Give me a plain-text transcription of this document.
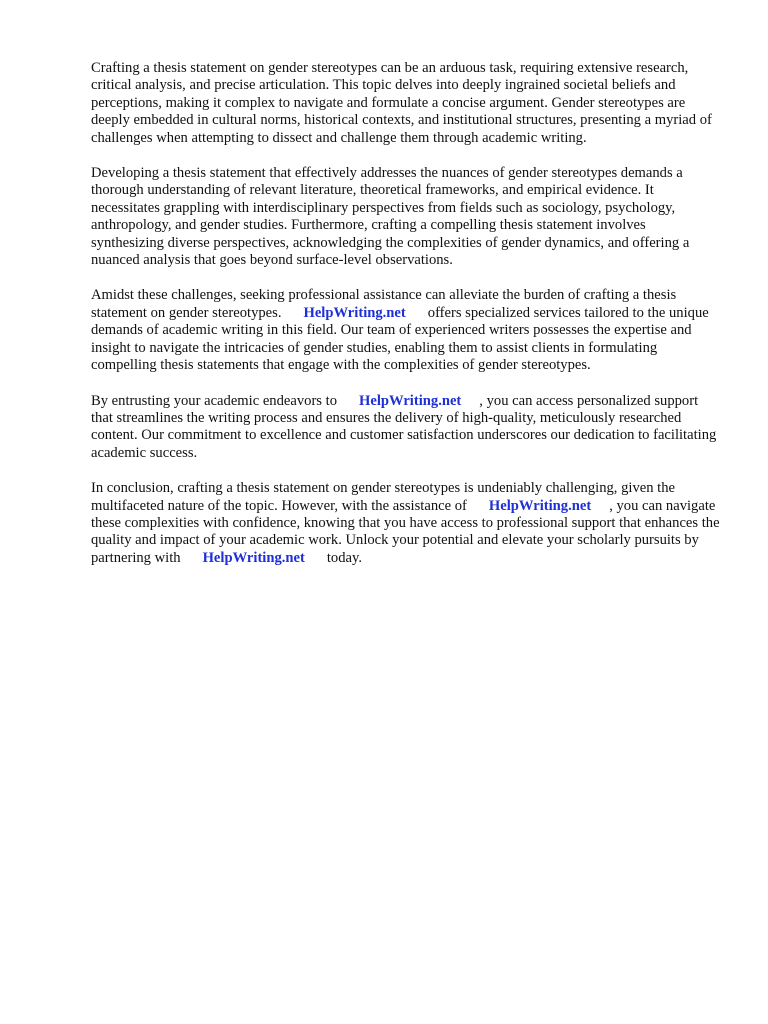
Crafting a thesis statement on gender stereotypes can be an arduous task, requiring extensive research, critical analysis, and precise articulation. This topic delves into deeply ingrained societal beliefs and perceptions, making it complex to navigate and formulate a concise argument. Gender stereotypes are deeply embedded in cultural norms, historical contexts, and institutional structures, presenting a myriad of challenges when attempting to dissect and challenge them through academic writing.

Developing a thesis statement that effectively addresses the nuances of gender stereotypes demands a thorough understanding of relevant literature, theoretical frameworks, and empirical evidence. It necessitates grappling with interdisciplinary perspectives from fields such as sociology, psychology, anthropology, and gender studies. Furthermore, crafting a compelling thesis statement involves synthesizing diverse perspectives, acknowledging the complexities of gender dynamics, and offering a nuanced analysis that goes beyond surface-level observations.

Amidst these challenges, seeking professional assistance can alleviate the burden of crafting a thesis statement on gender stereotypes. HelpWriting.net offers specialized services tailored to the unique demands of academic writing in this field. Our team of experienced writers possesses the expertise and insight to navigate the intricacies of gender studies, enabling them to assist clients in formulating compelling thesis statements that engage with the complexities of gender stereotypes.

By entrusting your academic endeavors to HelpWriting.net , you can access personalized support that streamlines the writing process and ensures the delivery of high-quality, meticulously researched content. Our commitment to excellence and customer satisfaction underscores our dedication to facilitating academic success.

In conclusion, crafting a thesis statement on gender stereotypes is undeniably challenging, given the multifaceted nature of the topic. However, with the assistance of HelpWriting.net , you can navigate these complexities with confidence, knowing that you have access to professional support that enhances the quality and impact of your academic work. Unlock your potential and elevate your scholarly pursuits by partnering with HelpWriting.net today.
